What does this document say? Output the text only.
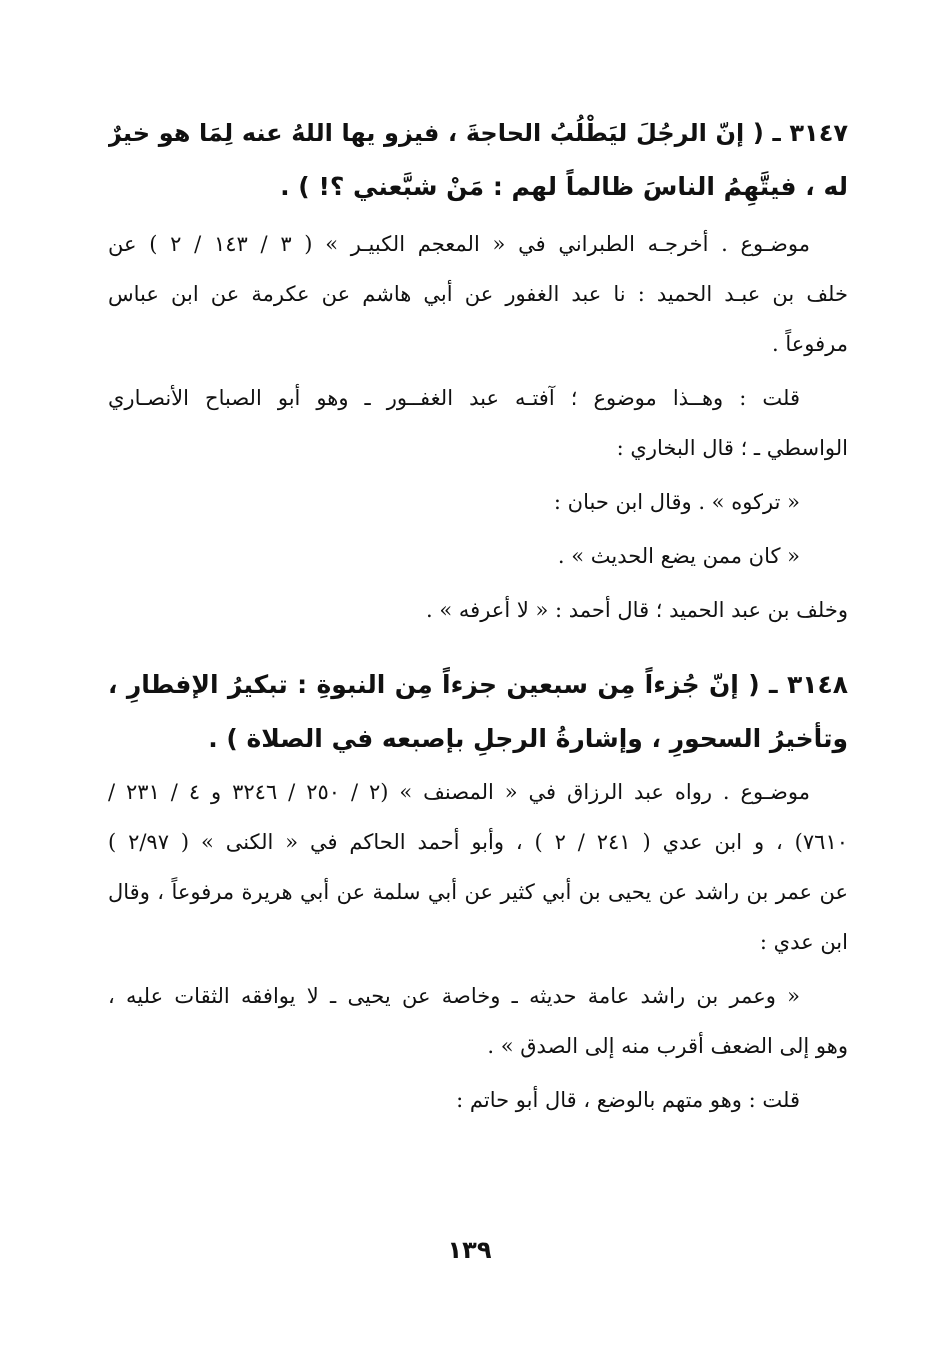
٣١٤٧ ـ ( إنّ الرجُلَ ليَطْلُبُ الحاجةَ ، فيزو يها اللهُ عنه لِمَا هو خيرٌ
له ، فيتَّهِمُ الناسَ ظالماً لهم : مَنْ شبَّعني ؟! ) .
موضـوع . أخرجـه الطبراني في « المعجم الكبيـر » ( ٣ / ١٤٣ / ٢ ) عن
خلف بن عبـد الحميد : نا عبد الغفور عن أبي هاشم عن عكرمة عن ابن عباس
مرفوعاً .
قلت : وهــذا موضوع ؛ آفتـه عبد الغفــور ـ وهو أبو الصباح الأنصـاري
الواسطي ـ ؛ قال البخاري :
« تركوه » . وقال ابن حبان :
« كان ممن يضع الحديث » .
وخلف بن عبد الحميد ؛ قال أحمد : « لا أعرفه » .
٣١٤٨ ـ ( إنّ جُزءاً مِن سبعين جزءاً مِن النبوةِ : تبكيرُ الإفطارِ ،
وتأخيرُ السحورِ ، وإشارةُ الرجلِ بإصبعه في الصلاة ) .
موضـوع . رواه عبد الرزاق في « المصنف » (٢ / ٢٥٠ / ٣٢٤٦ و ٤ / ٢٣١ /
٧٦١٠) ، و ابن عدي ( ٢٤١ / ٢ ) ، وأبو أحمد الحاكم في « الكنى » ( ٢/٩٧ )
عن عمر بن راشد عن يحيى بن أبي كثير عن أبي سلمة عن أبي هريرة مرفوعاً ، وقال
ابن عدي :
« وعمر بن راشد عامة حديثه ـ وخاصة عن يحيى ـ لا يوافقه الثقات عليه ،
وهو إلى الضعف أقرب منه إلى الصدق » .
قلت : وهو متهم بالوضع ، قال أبو حاتم :
١٣٩
